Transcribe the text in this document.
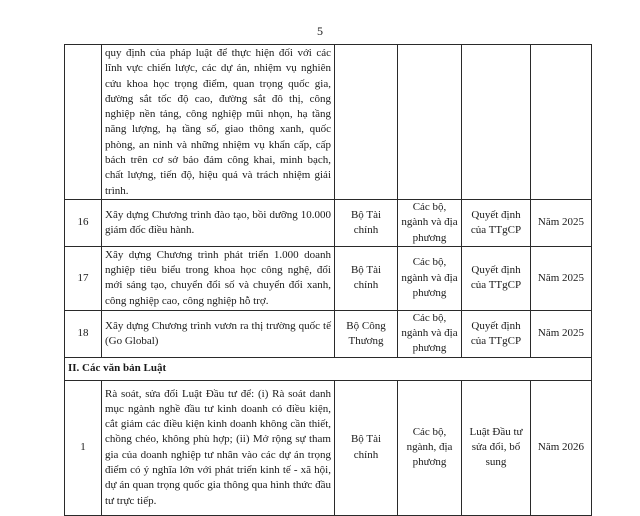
5
	quy định của pháp luật để thực hiện đối với các lĩnh vực chiến lược, các dự án, nhiệm vụ nghiên cứu khoa học trọng điểm, quan trọng quốc gia, đường sắt tốc độ cao, đường sắt đô thị, công nghiệp nền tảng, công nghiệp mũi nhọn, hạ tầng năng lượng, hạ tầng số, giao thông xanh, quốc phòng, an ninh và những nhiệm vụ khẩn cấp, cấp bách trên cơ sở bảo đảm công khai, minh bạch, chất lượng, tiến độ, hiệu quả và trách nhiệm giải trình.				
16	Xây dựng Chương trình đào tạo, bồi dưỡng 10.000 giám đốc điều hành.	Bộ Tài chính	Các bộ, ngành và địa phương	Quyết định của TTgCP	Năm 2025
17	Xây dựng Chương trình phát triển 1.000 doanh nghiệp tiêu biểu trong khoa học công nghệ, đổi mới sáng tạo, chuyển đổi số và chuyển đổi xanh, công nghiệp cao, công nghiệp hỗ trợ.	Bộ Tài chính	Các bộ, ngành và địa phương	Quyết định của TTgCP	Năm 2025
18	Xây dựng Chương trình vươn ra thị trường quốc tế (Go Global)	Bộ Công Thương	Các bộ, ngành và địa phương	Quyết định của TTgCP	Năm 2025
II. Các văn bản Luật					
1	Rà soát, sửa đổi Luật Đầu tư để: (i) Rà soát danh mục ngành nghề đầu tư kinh doanh có điều kiện, cắt giảm các điều kiện kinh doanh không cần thiết, chồng chéo, không phù hợp; (ii) Mở rộng sự tham gia của doanh nghiệp tư nhân vào các dự án trọng điểm có ý nghĩa lớn với phát triển kinh tế - xã hội, dự án quan trọng quốc gia thông qua hình thức đầu tư trực tiếp.	Bộ Tài chính	Các bộ, ngành, địa phương	Luật Đầu tư sửa đổi, bổ sung	Năm 2026
